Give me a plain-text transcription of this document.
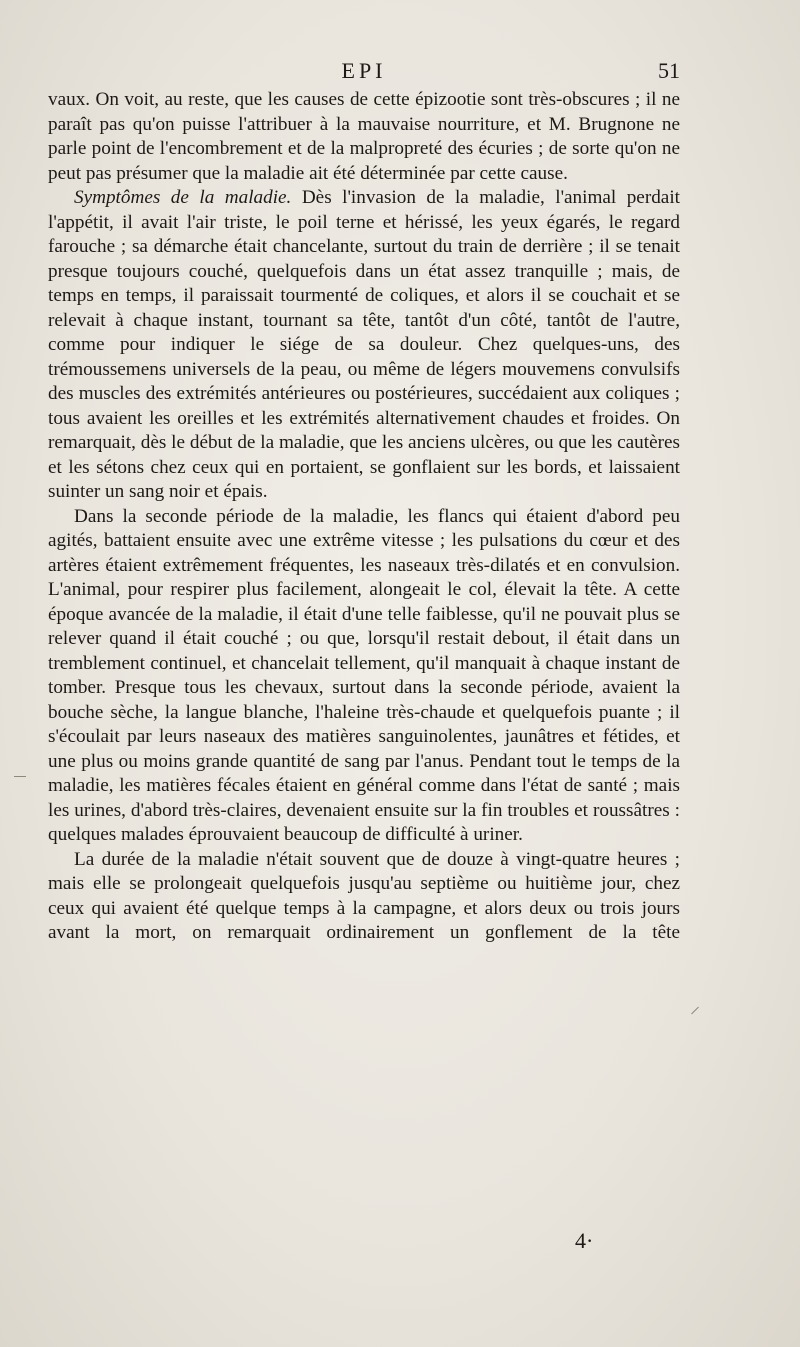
EPI	51

vaux. On voit, au reste, que les causes de cette épizootie sont très-obscures ; il ne paraît pas qu'on puisse l'attribuer à la mauvaise nourriture, et M. Brugnone ne parle point de l'encombrement et de la malpropreté des écuries ; de sorte qu'on ne peut pas présumer que la maladie ait été déterminée par cette cause.

Symptômes de la maladie. Dès l'invasion de la maladie, l'animal perdait l'appétit, il avait l'air triste, le poil terne et hérissé, les yeux égarés, le regard farouche ; sa démarche était chancelante, surtout du train de derrière ; il se tenait presque toujours couché, quelquefois dans un état assez tranquille ; mais, de temps en temps, il paraissait tourmenté de coliques, et alors il se couchait et se relevait à chaque instant, tournant sa tête, tantôt d'un côté, tantôt de l'autre, comme pour indiquer le siége de sa douleur. Chez quelques-uns, des trémoussemens universels de la peau, ou même de légers mouvemens convulsifs des muscles des extrémités antérieures ou postérieures, succédaient aux coliques ; tous avaient les oreilles et les extrémités alternativement chaudes et froides. On remarquait, dès le début de la maladie, que les anciens ulcères, ou que les cautères et les sétons chez ceux qui en portaient, se gonflaient sur les bords, et laissaient suinter un sang noir et épais.

Dans la seconde période de la maladie, les flancs qui étaient d'abord peu agités, battaient ensuite avec une extrême vitesse ; les pulsations du cœur et des artères étaient extrêmement fréquentes, les naseaux très-dilatés et en convulsion. L'animal, pour respirer plus facilement, alongeait le col, élevait la tête. A cette époque avancée de la maladie, il était d'une telle faiblesse, qu'il ne pouvait plus se relever quand il était couché ; ou que, lorsqu'il restait debout, il était dans un tremblement continuel, et chancelait tellement, qu'il manquait à chaque instant de tomber. Presque tous les chevaux, surtout dans la seconde période, avaient la bouche sèche, la langue blanche, l'haleine très-chaude et quelquefois puante ; il s'écoulait par leurs naseaux des matières sanguinolentes, jaunâtres et fétides, et une plus ou moins grande quantité de sang par l'anus. Pendant tout le temps de la maladie, les matières fécales étaient en général comme dans l'état de santé ; mais les urines, d'abord très-claires, devenaient ensuite sur la fin troubles et roussâtres : quelques malades éprouvaient beaucoup de difficulté à uriner.

La durée de la maladie n'était souvent que de douze à vingt-quatre heures ; mais elle se prolongeait quelquefois jusqu'au septième ou huitième jour, chez ceux qui avaient été quelque temps à la campagne, et alors deux ou trois jours avant la mort, on remarquait ordinairement un gonflement de la tête

4·
